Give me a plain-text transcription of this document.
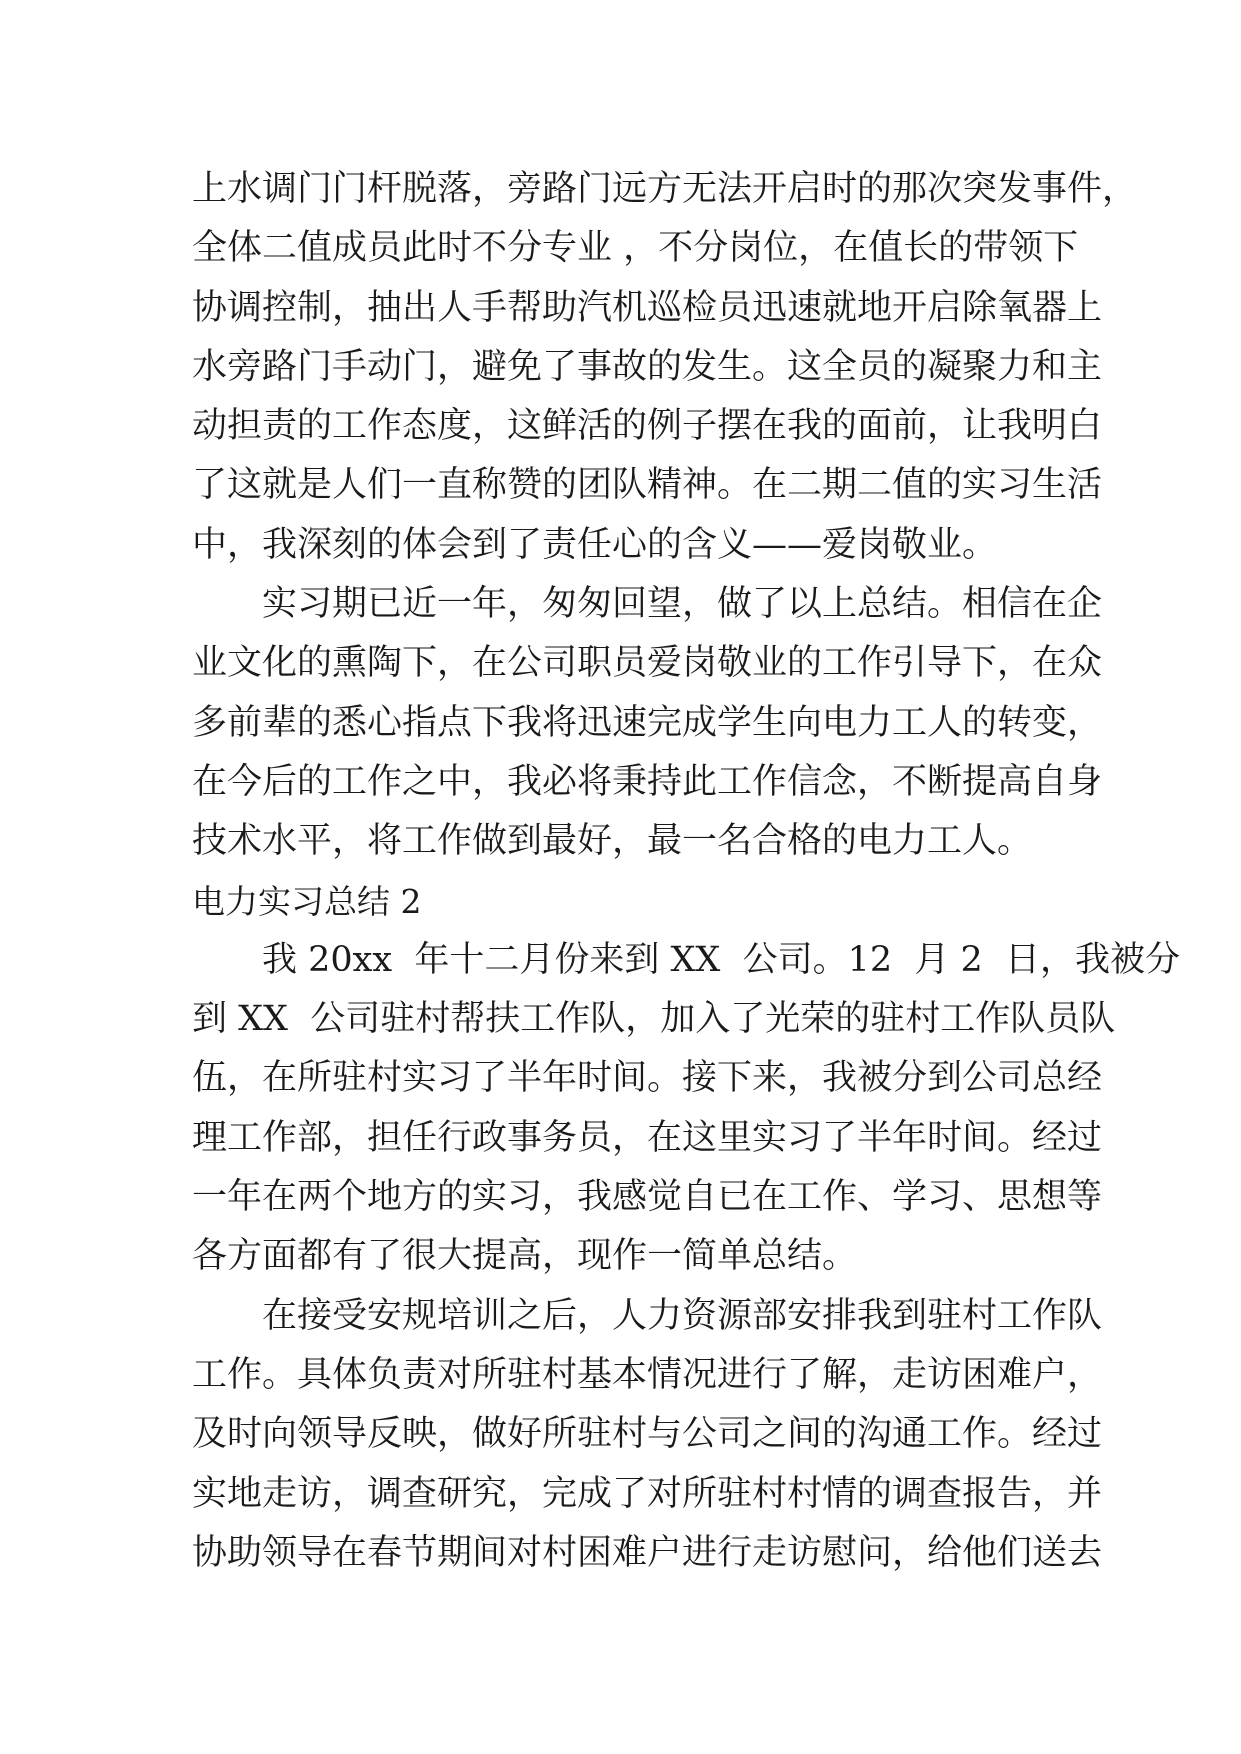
上水调门门杆脱落，旁路门远方无法开启时的那次突发事件，
全体二值成员此时不分专业 ，不分岗位，在值长的带领下
协调控制，抽出人手帮助汽机巡检员迅速就地开启除氧器上
水旁路门手动门，避免了事故的发生。这全员的凝聚力和主
动担责的工作态度，这鲜活的例子摆在我的面前，让我明白
了这就是人们一直称赞的团队精神。在二期二值的实习生活
中，我深刻的体会到了责任心的含义——爱岗敬业。
　　实习期已近一年，匆匆回望，做了以上总结。相信在企
业文化的熏陶下，在公司职员爱岗敬业的工作引导下，在众
多前辈的悉心指点下我将迅速完成学生向电力工人的转变，
在今后的工作之中，我必将秉持此工作信念，不断提高自身
技术水平，将工作做到最好，最一名合格的电力工人。
电力实习总结 2
　　我 20xx  年十二月份来到 XX  公司。12  月 2  日，我被分
到 XX  公司驻村帮扶工作队，加入了光荣的驻村工作队员队
伍，在所驻村实习了半年时间。接下来，我被分到公司总经
理工作部，担任行政事务员，在这里实习了半年时间。经过
一年在两个地方的实习，我感觉自已在工作、学习、思想等
各方面都有了很大提高，现作一简单总结。
　　在接受安规培训之后，人力资源部安排我到驻村工作队
工作。具体负责对所驻村基本情况进行了解，走访困难户，
及时向领导反映，做好所驻村与公司之间的沟通工作。经过
实地走访，调查研究，完成了对所驻村村情的调查报告，并
协助领导在春节期间对村困难户进行走访慰问，给他们送去
